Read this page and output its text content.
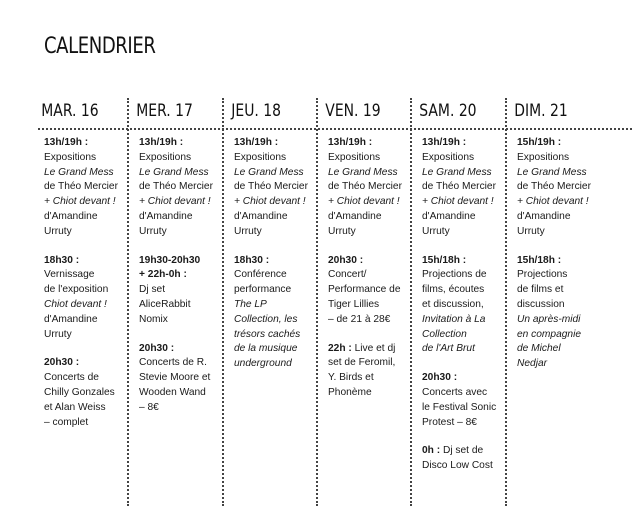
CALENDRIER
MAR. 16
13h/19h :
Expositions
Le Grand Mess
de Théo Mercier
+ Chiot devant !
d'Amandine
Urruty
18h30 :
Vernissage
de l'exposition
Chiot devant !
d'Amandine
Urruty
20h30 :
Concerts de
Chilly Gonzales
et Alan Weiss
– complet
MER. 17
13h/19h :
Expositions
Le Grand Mess
de Théo Mercier
+ Chiot devant !
d'Amandine
Urruty
19h30-20h30
+ 22h-0h :
Dj set
AliceRabbit
Nomix
20h30 :
Concerts de R.
Stevie Moore et
Wooden Wand
– 8€
JEU. 18
13h/19h :
Expositions
Le Grand Mess
de Théo Mercier
+ Chiot devant !
d'Amandine
Urruty
18h30 :
Conférence
performance
The LP
Collection, les
trésors cachés
de la musique
underground
VEN. 19
13h/19h :
Expositions
Le Grand Mess
de Théo Mercier
+ Chiot devant !
d'Amandine
Urruty
20h30 :
Concert/
Performance de
Tiger Lillies
– de 21 à 28€
22h : Live et dj
set de Feromil,
Y. Birds et
Phonème
SAM. 20
13h/19h :
Expositions
Le Grand Mess
de Théo Mercier
+ Chiot devant !
d'Amandine
Urruty
15h/18h :
Projections de
films, écoutes
et discussion,
Invitation à La
Collection
de l'Art Brut
20h30 :
Concerts avec
le Festival Sonic
Protest – 8€
0h : Dj set de
Disco Low Cost
DIM. 21
15h/19h :
Expositions
Le Grand Mess
de Théo Mercier
+ Chiot devant !
d'Amandine
Urruty
15h/18h :
Projections
de films et
discussion
Un après-midi
en compagnie
de Michel
Nedjar
